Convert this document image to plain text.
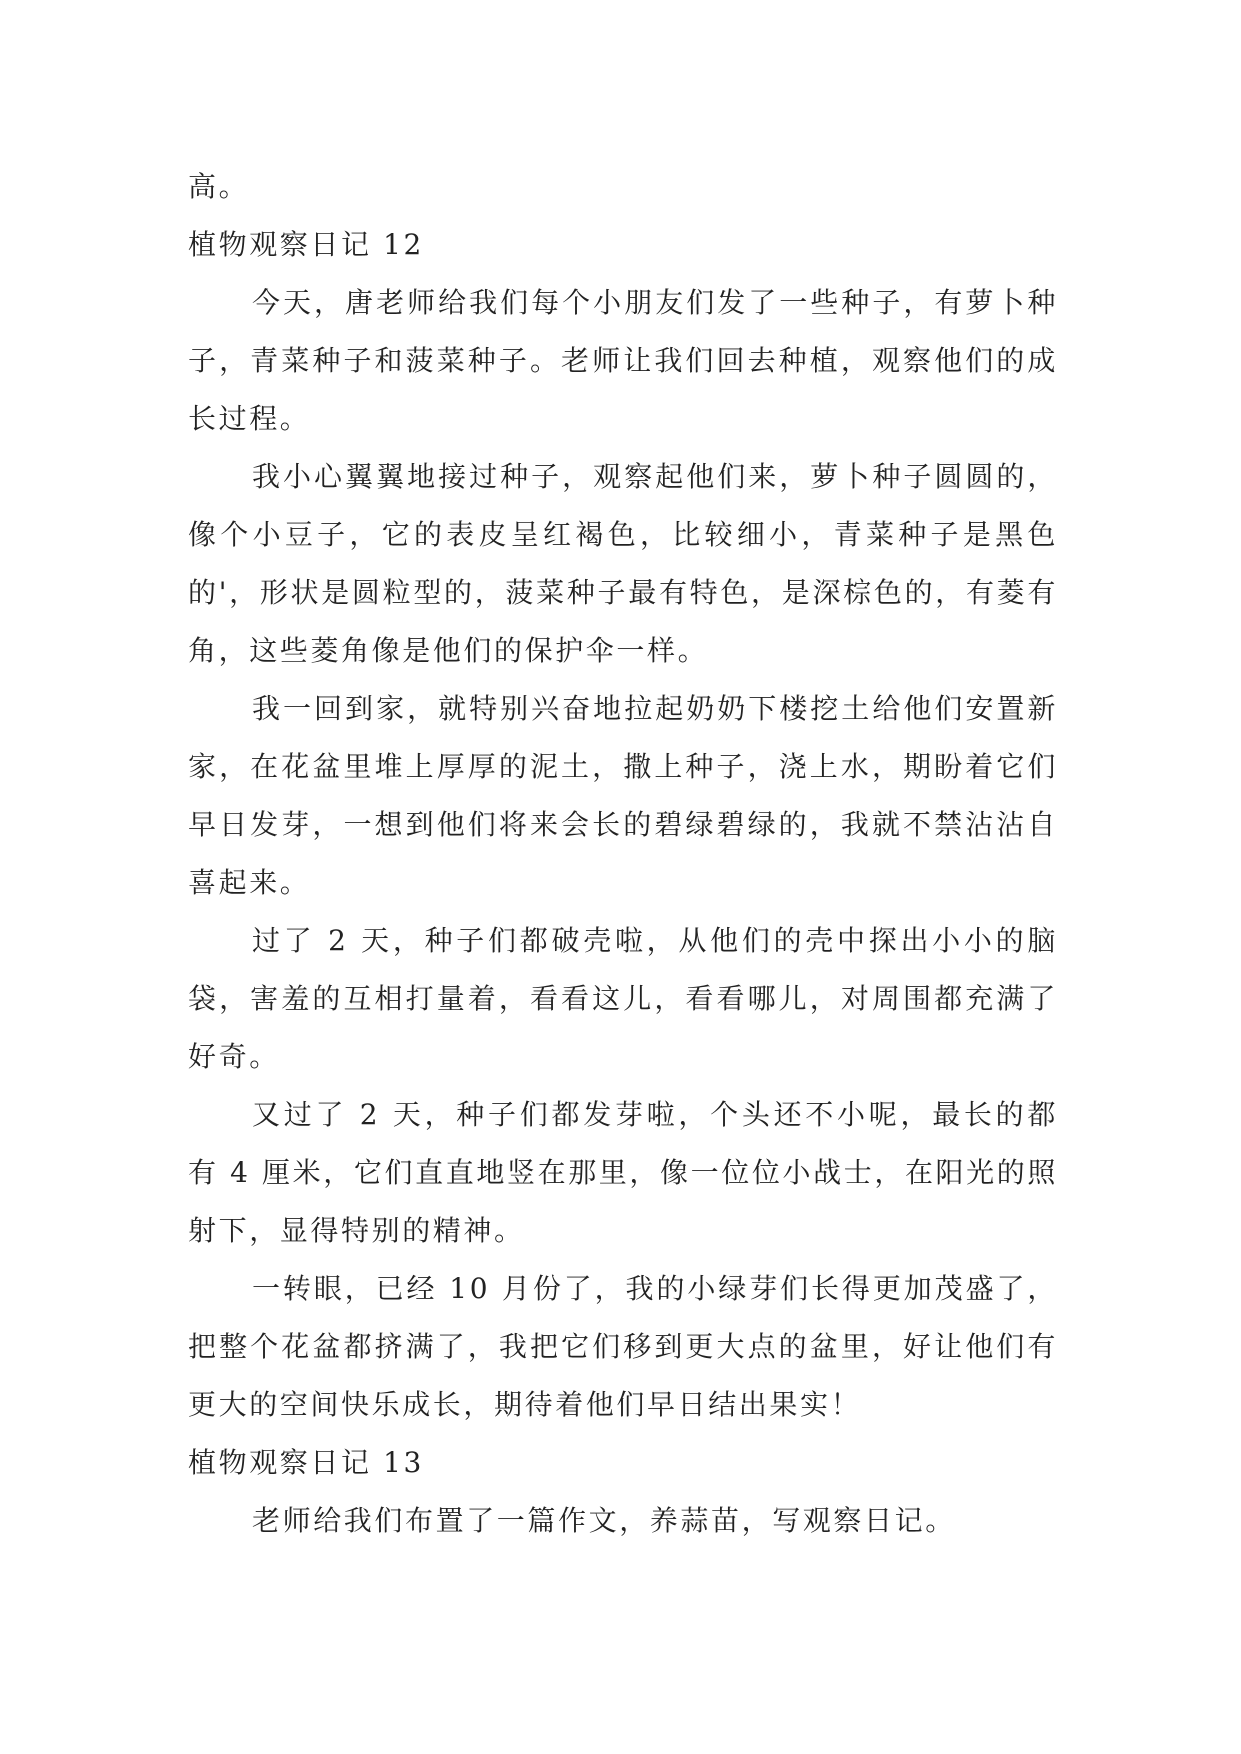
高。

植物观察日记 12

今天，唐老师给我们每个小朋友们发了一些种子，有萝卜种子，青菜种子和菠菜种子。老师让我们回去种植，观察他们的成长过程。

我小心翼翼地接过种子，观察起他们来，萝卜种子圆圆的，像个小豆子，它的表皮呈红褐色，比较细小，青菜种子是黑色的'，形状是圆粒型的，菠菜种子最有特色，是深棕色的，有菱有角，这些菱角像是他们的保护伞一样。

我一回到家，就特别兴奋地拉起奶奶下楼挖土给他们安置新家，在花盆里堆上厚厚的泥土，撒上种子，浇上水，期盼着它们早日发芽，一想到他们将来会长的碧绿碧绿的，我就不禁沾沾自喜起来。

过了 2 天，种子们都破壳啦，从他们的壳中探出小小的脑袋，害羞的互相打量着，看看这儿，看看哪儿，对周围都充满了好奇。

又过了 2 天，种子们都发芽啦，个头还不小呢，最长的都有 4 厘米，它们直直地竖在那里，像一位位小战士，在阳光的照射下，显得特别的精神。

一转眼，已经 10 月份了，我的小绿芽们长得更加茂盛了，把整个花盆都挤满了，我把它们移到更大点的盆里，好让他们有更大的空间快乐成长，期待着他们早日结出果实！

植物观察日记 13

老师给我们布置了一篇作文，养蒜苗，写观察日记。
